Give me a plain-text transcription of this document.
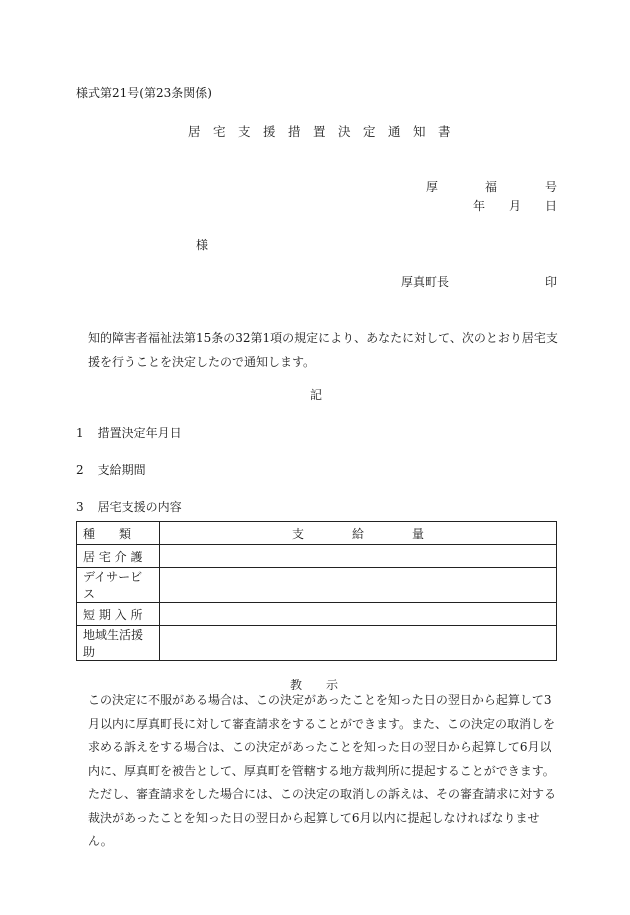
様式第21号(第23条関係)
居　宅　支　援　措　置　決　定　通　知　書
厚	福	号
年 月 日
様
厚真町長	印
知的障害者福祉法第15条の32第1項の規定により、あなたに対して、次のとおり居宅支援を行うことを決定したので通知します。
記
1 措置決定年月日
2 支給期間
3 居宅支援の内容
種　　類	支　　　　給　　　　量
居 宅 介 護	
デイサービス	
短 期 入 所	
地域生活援助	
教　　示
この決定に不服がある場合は、この決定があったことを知った日の翌日から起算して3月以内に厚真町長に対して審査請求をすることができます。また、この決定の取消しを求める訴えをする場合は、この決定があったことを知った日の翌日から起算して6月以内に、厚真町を被告として、厚真町を管轄する地方裁判所に提起することができます。ただし、審査請求をした場合には、この決定の取消しの訴えは、その審査請求に対する裁決があったことを知った日の翌日から起算して6月以内に提起しなければなりません。
